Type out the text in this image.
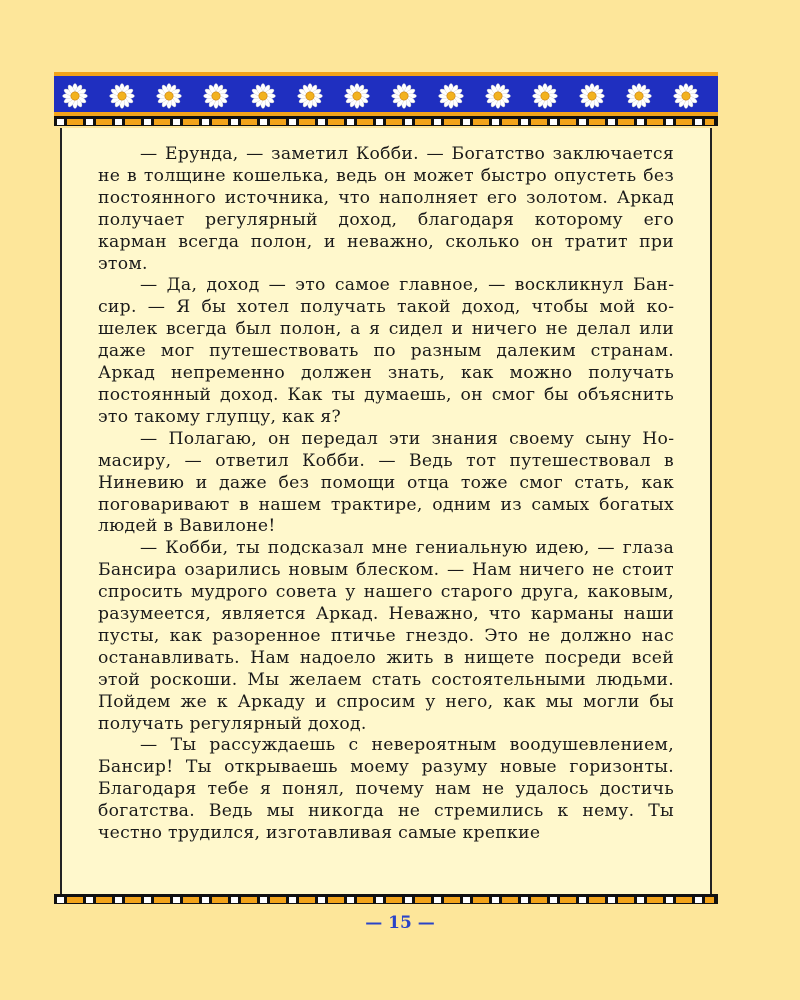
— Ерунда, — заметил Кобби. — Богатство заключается не в толщине кошелька, ведь он может быстро опустеть без постоянного источника, что наполняет его золотом. Аркад получает регулярный доход, благодаря которому его карман всегда полон, и неважно, сколько он тратит при этом.

— Да, доход — это самое главное, — воскликнул Бансир. — Я бы хотел получать такой доход, чтобы мой кошелек всегда был полон, а я сидел и ничего не делал или даже мог путешествовать по разным далеким странам. Аркад непременно должен знать, как можно получать постоянный доход. Как ты думаешь, он смог бы объяснить это такому глупцу, как я?

— Полагаю, он передал эти знания своему сыну Номасиру, — ответил Кобби. — Ведь тот путешествовал в Ниневию и даже без помощи отца тоже смог стать, как поговаривают в нашем трактире, одним из самых богатых людей в Вавилоне!

— Кобби, ты подсказал мне гениальную идею, — глаза Бансира озарились новым блеском. — Нам ничего не стоит спросить мудрого совета у нашего старого друга, каковым, разумеется, является Аркад. Неважно, что карманы наши пусты, как разоренное птичье гнездо. Это не должно нас останавливать. Нам надоело жить в нищете посреди всей этой роскоши. Мы желаем стать состоятельными людьми. Пойдем же к Аркаду и спросим у него, как мы могли бы получать регулярный доход.

— Ты рассуждаешь с невероятным воодушевлением, Бансир! Ты открываешь моему разуму новые горизонты. Благодаря тебе я понял, почему нам не удалось достичь богатства. Ведь мы никогда не стремились к нему. Ты честно трудился, изготавливая самые крепкие

— 15 —
